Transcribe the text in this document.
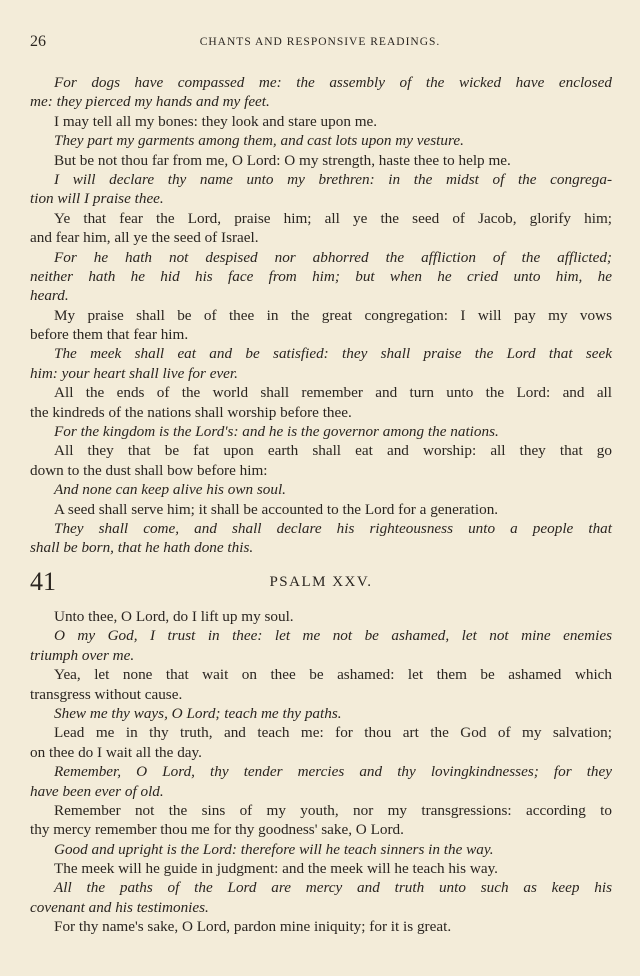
26	CHANTS AND RESPONSIVE READINGS.
For dogs have compassed me: the assembly of the wicked have enclosed
me: they pierced my hands and my feet.
I may tell all my bones: they look and stare upon me.
They part my garments among them, and cast lots upon my vesture.
But be not thou far from me, O Lord: O my strength, haste thee to help me.
I will declare thy name unto my brethren: in the midst of the congrega-
tion will I praise thee.
Ye that fear the Lord, praise him; all ye the seed of Jacob, glorify him;
and fear him, all ye the seed of Israel.
For he hath not despised nor abhorred the affliction of the afflicted;
neither hath he hid his face from him; but when he cried unto him, he
heard.
My praise shall be of thee in the great congregation: I will pay my vows
before them that fear him.
The meek shall eat and be satisfied: they shall praise the Lord that seek
him: your heart shall live for ever.
All the ends of the world shall remember and turn unto the Lord: and all
the kindreds of the nations shall worship before thee.
For the kingdom is the Lord's: and he is the governor among the nations.
All they that be fat upon earth shall eat and worship: all they that go
down to the dust shall bow before him:
And none can keep alive his own soul.
A seed shall serve him; it shall be accounted to the Lord for a generation.
They shall come, and shall declare his righteousness unto a people that
shall be born, that he hath done this.
41	PSALM XXV.
Unto thee, O Lord, do I lift up my soul.
O my God, I trust in thee: let me not be ashamed, let not mine enemies
triumph over me.
Yea, let none that wait on thee be ashamed: let them be ashamed which
transgress without cause.
Shew me thy ways, O Lord; teach me thy paths.
Lead me in thy truth, and teach me: for thou art the God of my salvation;
on thee do I wait all the day.
Remember, O Lord, thy tender mercies and thy lovingkindnesses; for they
have been ever of old.
Remember not the sins of my youth, nor my transgressions: according to
thy mercy remember thou me for thy goodness' sake, O Lord.
Good and upright is the Lord: therefore will he teach sinners in the way.
The meek will he guide in judgment: and the meek will he teach his way.
All the paths of the Lord are mercy and truth unto such as keep his
covenant and his testimonies.
For thy name's sake, O Lord, pardon mine iniquity; for it is great.
